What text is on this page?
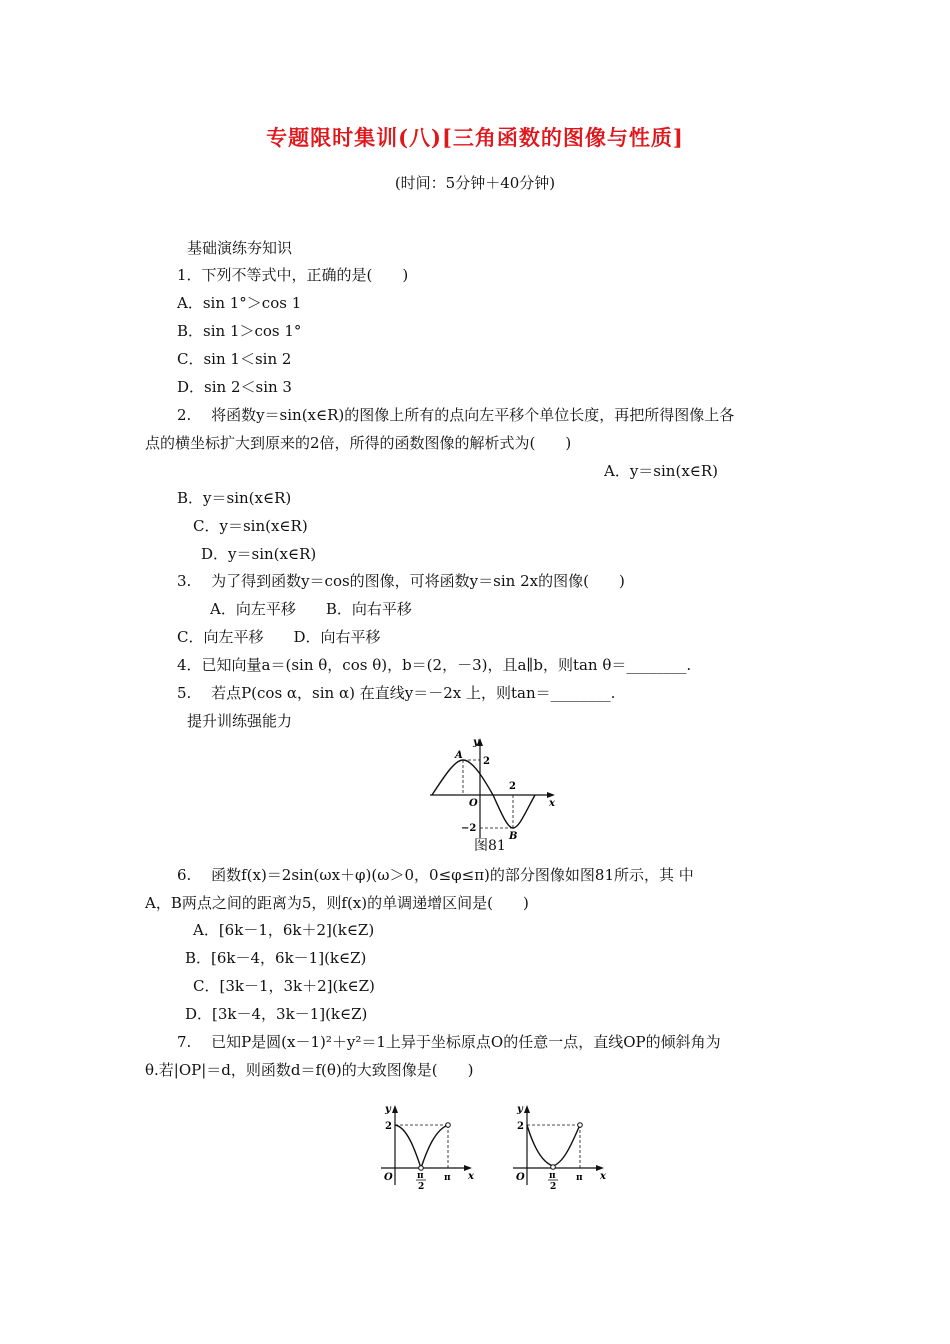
专题限时集训(八)[三角函数的图像与性质]
(时间：5分钟＋40分钟)
基础演练夯知识
1．下列不等式中，正确的是(　　)
A．sin 1°＞cos 1
B．sin 1＞cos 1°
C．sin 1＜sin 2
D．sin 2＜sin 3
2.　 将函数y＝sin(x∈R)的图像上所有的点向左平移个单位长度，再把所得图像上各
点的横坐标扩大到原来的2倍，所得的函数图像的解析式为(　　)
A．y＝sin(x∈R)
B．y＝sin(x∈R)
C．y＝sin(x∈R)
D．y＝sin(x∈R)
3.　 为了得到函数y＝cos的图像，可将函数y＝sin 2x的图像(　　)
A．向左平移　　B．向右平移
C．向左平移　　D．向右平移
4．已知向量a＝(sin θ，cos θ)，b＝(2，－3)，且a∥b，则tan θ＝________.
5.　 若点P(cos α，sin α) 在直线y＝－2x 上，则tan＝________.
提升训练强能力
y
x
O
A
B
2
−2
2
图81
6.　 函数f(x)＝2sin(ωx＋φ)(ω＞0，0≤φ≤π)的部分图像如图81所示，其 中
A，B两点之间的距离为5，则f(x)的单调递增区间是(　　)
A．[6k－1，6k＋2](k∈Z)
B．[6k－4，6k－1](k∈Z)
C．[3k－1，3k＋2](k∈Z)
D．[3k－4，3k－1](k∈Z)
7.　 已知P是圆(x－1)²＋y²＝1上异于坐标原点O的任意一点，直线OP的倾斜角为
θ.若|OP|＝d，则函数d＝f(θ)的大致图像是(　　)
y
x
O
2
π
2
π
y
x
O
2
π
2
π
